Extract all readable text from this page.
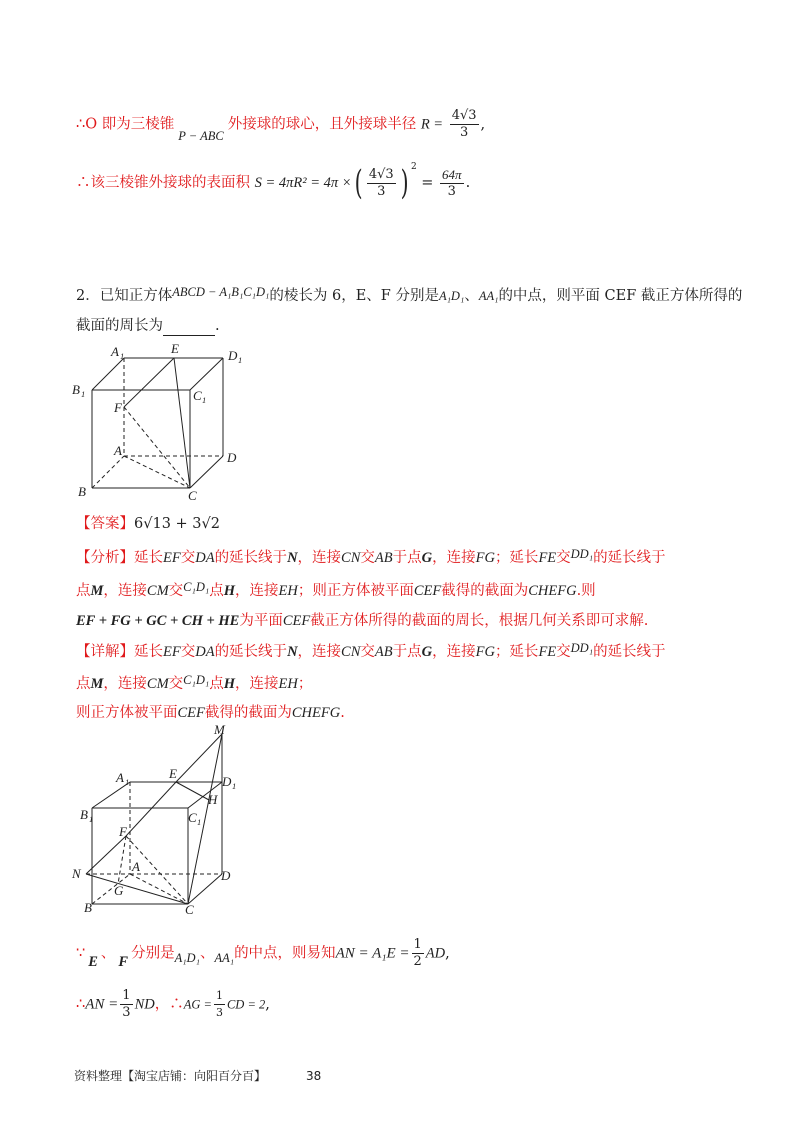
∴O 即为三棱锥P − ABC外接球的球心，且外接球半径 $R = \frac{4√3}{3}$ ,
∴该三棱锥外接球的表面积 S = 4πR² = 4π ×( $\frac{4√3}{3}$ ) $^2 = \frac{64\pi}{3}$ .
2．已知正方体ABCD − A₁B₁C₁D₁的棱长为 6，E、F 分别是A₁D₁、AA₁的中点，则平面 CEF 截正方体所得的
截面的周长为	.
A 1	E	D 1
B 1	C 1
F
A	D
B	C
【答案】6√13 + 3√2
【分析】延长EF交DA的延长线于N，连接CN交AB于点G，连接FG；延长FE交DD₁的延长线于
点M，连接CM交C₁D₁点H，连接EH；则正方体被平面CEF截得的截面为CHEFG.则
EF + FG + GC + CH + HE为平面CEF截正方体所得的截面的周长，根据几何关系即可求解.
【详解】延长EF交DA的延长线于N，连接CN交AB于点G，连接FG；延长FE交DD₁的延长线于
点M，连接CM交C₁D₁点H，连接EH；
则正方体被平面CEF截得的截面为CHEFG.
M
A 1
E
D 1
H
B 1	C 1
F
A
N
G
D
B	C
∵ E 、 F 分别是A₁D₁、AA₁的中点，则易知AN = $A_1E = \frac{1}{2}$ AD,
∴AN = $\frac{1}{3}$ ND，∴AG = $\frac{1}{3}$ CD = 2,
资料整理【淘宝店铺：向阳百分百】	38
